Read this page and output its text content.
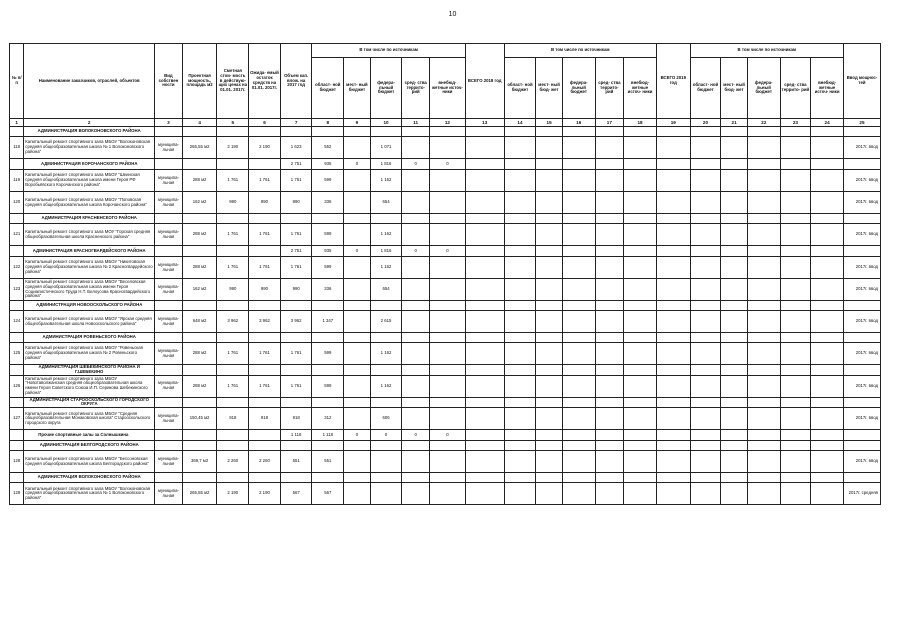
10
№ п/п	Наименование заказчиков, отраслей, объектов	Вид собствен ности	Проектная мощность, площадь м2	Сметная стои- мость в действую- щих ценах на 01.01. 2017г.	Ожида- емый остаток средств на 01.01. 2017г.	Объем кап. влож. на 2017 год	В том числе по источникам					ВСЕГО 2018 год	В том числе по источникам					ВСЕГО 2019 год	В том числе по источникам					Ввод мощнос- тей
							област- ной бюджет	мест- ный бюджет	федера- льный бюджет	сред- ства террито- рий	внебюд- жетные источ- ники		област- ной бюджет	мест- ный бюд- жет	федера- льный бюджет	сред- ства террито- рий	внебюд- жетные источ- ники		област- ной бюджет	мест- ный бюд- жет	федера- льный бюджет	сред- ства террито- рий	внебюд- жетные источ- ники	
1	2	3	4	5	6	7	8	9	10	11	12	13	14	15	16	17	18	19	20	21	22	23	24	25
	АДМИНИСТРАЦИЯ ВОЛОКОНОВСКОГО РАЙОНА																							
118	Капитальный ремонт спортивного зала МБОУ "Волоконовская средняя общеобразовательная школа № 1 Волоконовского района"	муниципа- льная	265,55 м2	2 190	2 190	1 623	552		1 071															2017г. ввод
	АДМИНИСТРАЦИЯ КОРОЧАНСКОГО РАЙОНА					2 751	935	0	1 816	0	0													
119	Капитальный ремонт спортивного зала МБОУ "Шеинская средняя общеобразовательная школа имени Героя РФ Воробьёвского Корочанского района"	муниципа- льная	288 м2	1 761	1 761	1 761	599		1 162															2017г. ввод
120	Капитальный ремонт спортивного зала МБОУ "Поповская средняя общеобразовательная школа Корочанского района"	муниципа- льная	162 м2	990	990	990	336		654															2017г. ввод
	АДМИНИСТРАЦИЯ КРАСНЕНСКОГО РАЙОНА																							
121	Капитальный ремонт спортивного зала МОУ "Горская средняя общеобразовательная школа Красненского района"	муниципа- льная	288 м2	1 761	1 761	1 761	599		1 162															2017г. ввод
	АДМИНИСТРАЦИЯ КРАСНОГВАРДЕЙСКОГО РАЙОНА					2 751	935	0	1 816	0	0													
122	Капитальный ремонт спортивного зала МБОУ "Никитовская средняя общеобразовательная школа № 2 Красногвардейского района"	муниципа- льная	288 м2	1 761	1 761	1 761	599		1 162															2017г. ввод
123	Капитальный ремонт спортивного зала МБОУ "Веселовская средняя общеобразовательная школа имени Героя Социалистического Труда Н.Т. Белоусова Красногвардейского района"	муниципа- льная	162 м2	990	990	990	336		654															2017г. ввод
	АДМИНИСТРАЦИЯ НОВООСКОЛЬСКОГО РАЙОНА																							
124	Капитальный ремонт спортивного зала МБОУ "Ярская средняя общеобразовательная школа Новооскольского района"	муниципа- льная	648 м2	3 962	3 962	3 962	1 347		2 615															2017г. ввод
	АДМИНИСТРАЦИЯ РОВЕНЬСКОГО РАЙОНА																							
125	Капитальный ремонт спортивного зала МБОУ "Ровеньская средняя общеобразовательная школа № 2 Ровеньского района"	муниципа- льная	288 м2	1 761	1 761	1 761	599		1 162															2017г. ввод
	АДМИНИСТРАЦИЯ ШЕБЕКИНСКОГО РАЙОНА И Г.ШЕБЕКИНО																							
126	Капитальный ремонт спортивного зала МБОУ "Новотаволжанская средняя общеобразовательная школа имени Героя Советского Союза И.П. Серикова Шебекинского района"	муниципа- льная	288 м2	1 761	1 761	1 761	599		1 162															2017г. ввод
	АДМИНИСТРАЦИЯ СТАРООСКОЛЬСКОГО ГОРОДСКОГО ОКРУГА																							
127	Капитальный ремонт спортивного зала МБОУ "Средняя общеобразовательная Монаковская школа" Старооскольского городского округа	муниципа- льная	150,45 м2	918	918	918	312		606															2017г. ввод
	Прочие спортивные залы за Солнышкина					1 118	1 118	0	0	0	0													
	АДМИНИСТРАЦИЯ БЕЛГОРОДСКОГО РАЙОНА																							
128	Капитальный ремонт спортивного зала МБОУ "Бессоновская средняя общеобразовательная школа Белгородского района"	муниципа- льная	369,7 м2	2 260	2 260	551	551																	2017г. ввод
	АДМИНИСТРАЦИЯ ВОЛОКОНОВСКОГО РАЙОНА																							
129	Капитальный ремонт спортивного зала МБОУ "Волоконовская средняя общеобразовательная школа № 1 Волоконовского района"	муниципа- льная	265,55 м2	2 190	2 190	567	567																	2017г. средняя
